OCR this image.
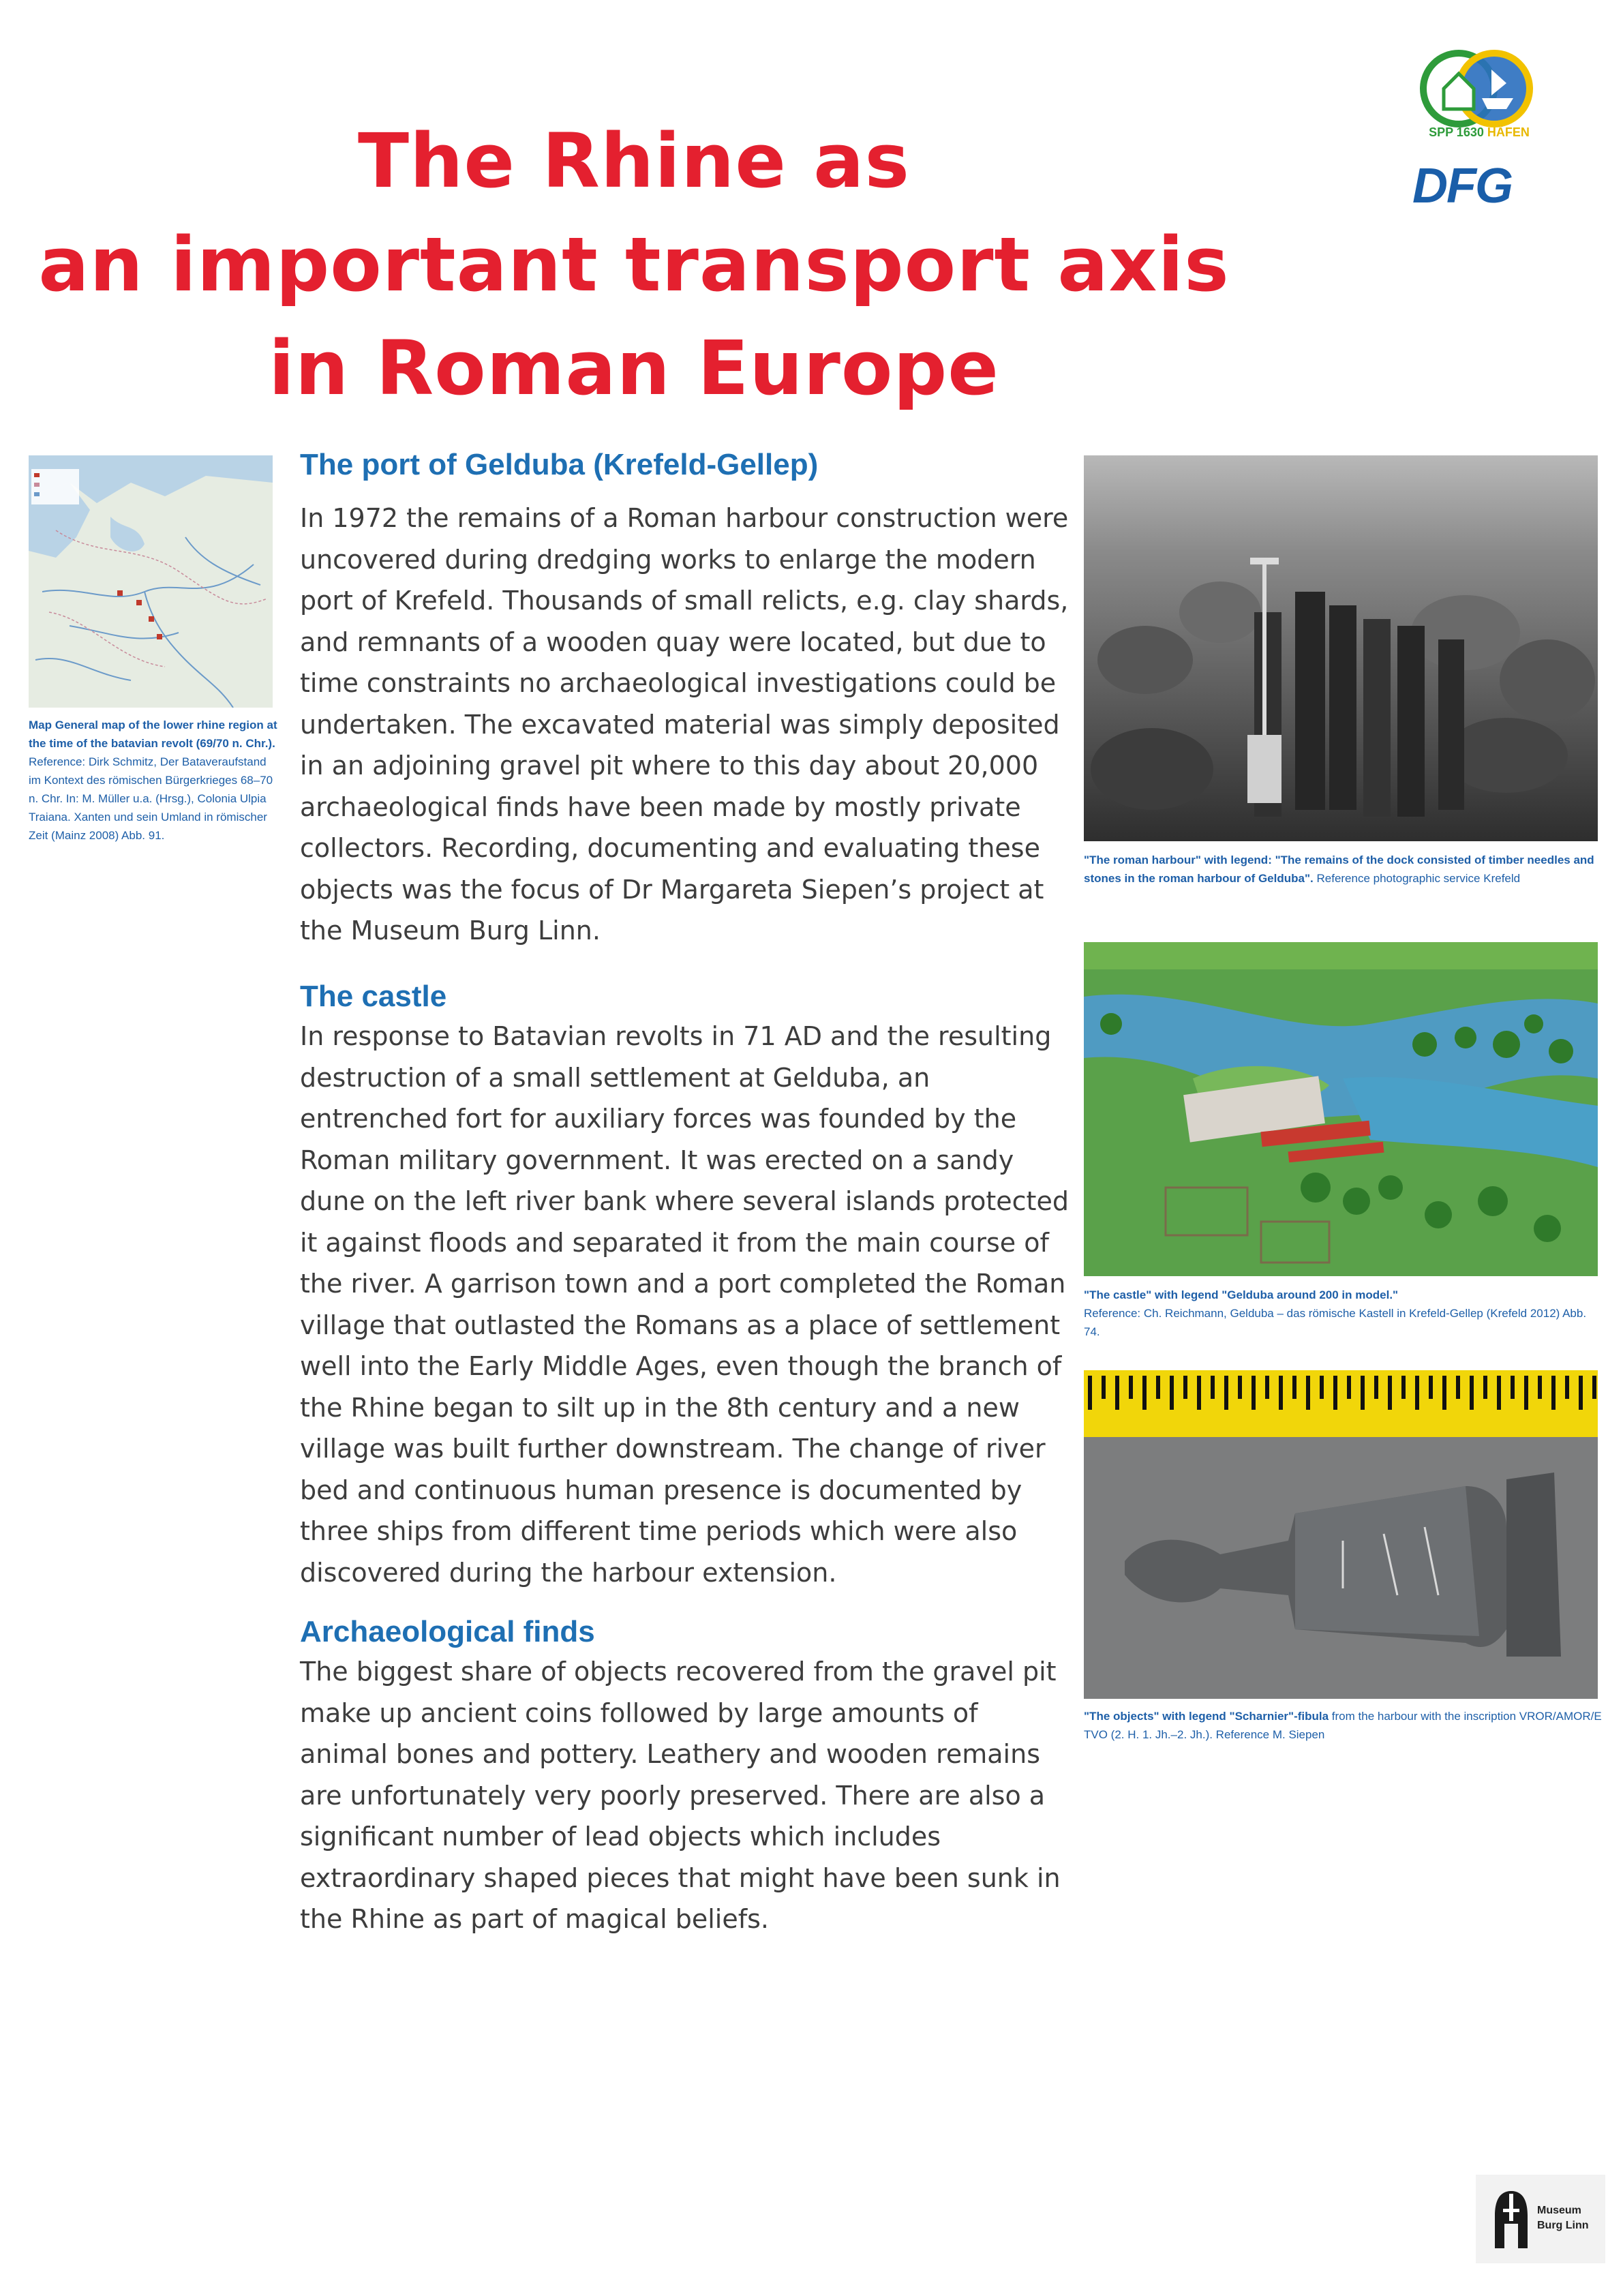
The Rhine as
an important transport axis
in Roman Europe
SPP 1630 HÄFEN
DFG
Map General map of the lower rhine region at the time of the batavian revolt (69/70 n. Chr.). Reference: Dirk Schmitz, Der Bataveraufstand im Kontext des römischen Bürgerkrieges 68–70 n. Chr. In: M. Müller u.a. (Hrsg.), Colonia Ulpia Traiana. Xanten und sein Umland in römischer Zeit (Mainz 2008) Abb. 91.
The port of Gelduba (Krefeld-Gellep)

In 1972 the remains of a Roman harbour construction were uncovered during dredging works to enlarge the modern port of Krefeld. Thousands of small relicts, e.g. clay shards, and remnants of a wooden quay were located, but due to time constraints no archaeological investigations could be undertaken. The excavated material was simply deposited in an adjoining gravel pit where to this day about 20,000 archaeological finds have been made by mostly private collectors. Recording, documenting and evaluating these objects was the focus of Dr Margareta Siepen’s project at the Museum Burg Linn.

The castle

In response to Batavian revolts in 71 AD and the resulting destruction of a small settlement at Gelduba, an entrenched fort for auxiliary forces was founded by the Roman military government. It was erected on a sandy dune on the left river bank where several islands protected it against floods and separated it from the main course of the river. A garrison town and a port completed the Roman village that outlasted the Romans as a place of settlement well into the Early Middle Ages, even though the branch of the Rhine began to silt up in the 8th century and a new village was built further downstream. The change of river bed and continuous human presence is documented by three ships from different time periods which were also discovered during the harbour extension.

Archaeological finds

The biggest share of objects recovered from the gravel pit make up ancient coins followed by large amounts of animal bones and pottery. Leathery and wooden remains are unfortunately very poorly preserved. There are also a significant number of lead objects which includes extraordinary shaped pieces that might have been sunk in the Rhine as part of magical beliefs.

"The roman harbour" with legend: "The remains of the dock consisted of timber needles and stones in the roman harbour of Gelduba". Reference photographic service Krefeld
"The castle" with legend "Gelduba around 200 in model."
Reference: Ch. Reichmann, Gelduba – das römische Kastell in Krefeld-Gellep (Krefeld 2012) Abb. 74.
"The objects" with legend "Scharnier"-fibula from the harbour with the inscription VROR/AMOR/E TVO (2. H. 1. Jh.–2. Jh.). Reference M. Siepen
Museum
Burg Linn
